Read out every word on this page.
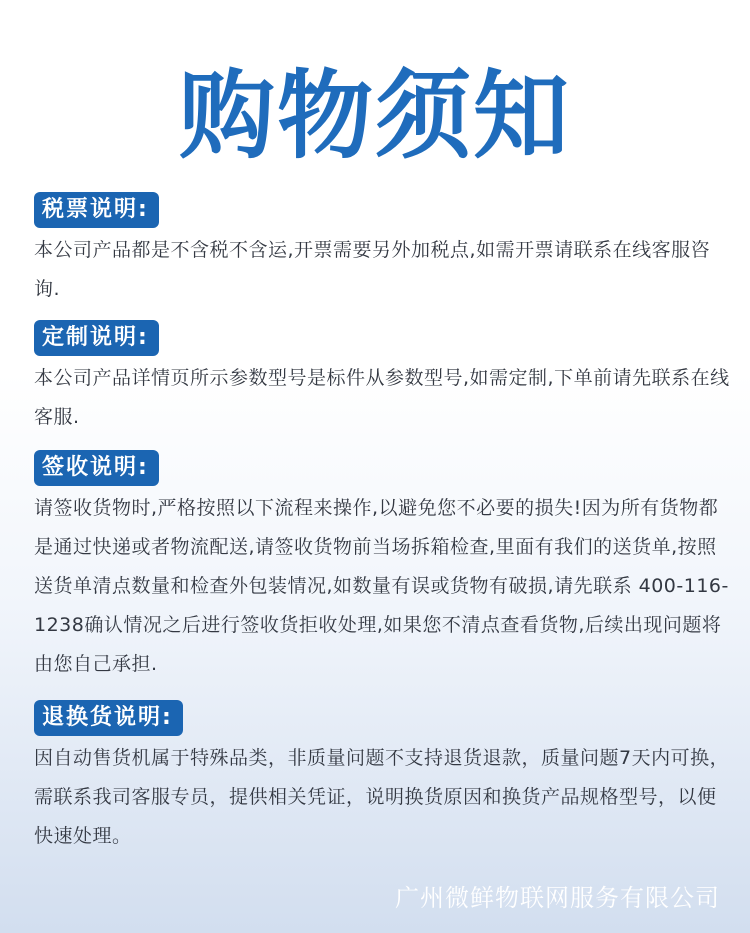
购物须知
税票说明:
本公司产品都是不含税不含运,开票需要另外加税点,如需开票请联系在线客服咨询.
定制说明:
本公司产品详情页所示参数型号是标件从参数型号,如需定制,下单前请先联系在线客服.
签收说明:
请签收货物时,严格按照以下流程来操作,以避免您不必要的损失!因为所有货物都是通过快递或者物流配送,请签收货物前当场拆箱检查,里面有我们的送货单,按照送货单清点数量和检查外包装情况,如数量有误或货物有破损,请先联系 400-116-1238确认情况之后进行签收货拒收处理,如果您不清点查看货物,后续出现问题将由您自己承担.
退换货说明:
因自动售货机属于特殊品类，非质量问题不支持退货退款，质量问题7天内可换，需联系我司客服专员，提供相关凭证，说明换货原因和换货产品规格型号，以便快速处理。
广州微鲜物联网服务有限公司
